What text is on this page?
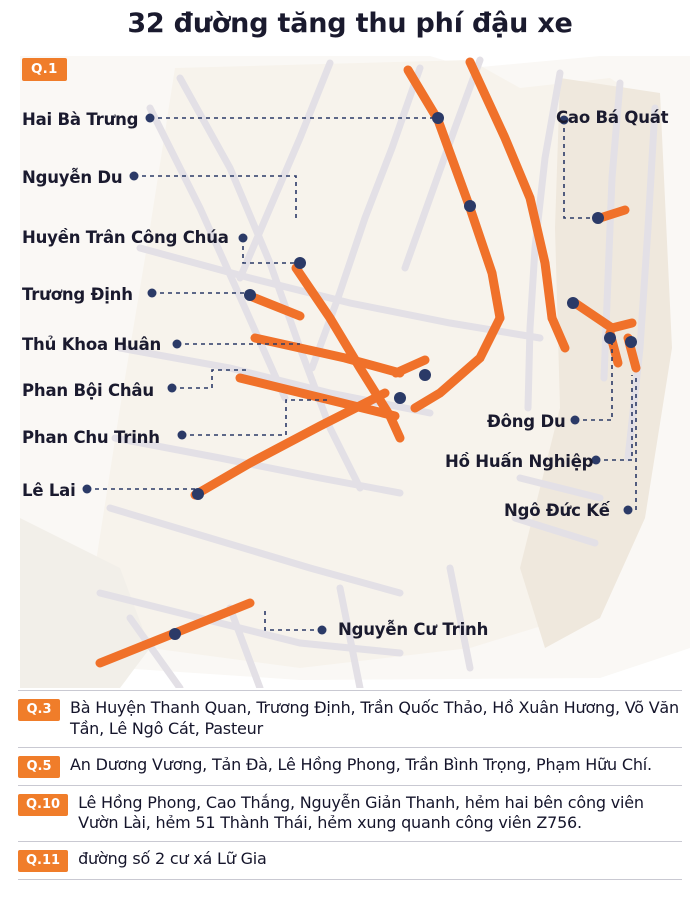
32 đường tăng thu phí đậu xe
Q.1
Hai Bà Trưng
Nguyễn Du
Huyền Trân Công Chúa
Trương Định
Thủ Khoa Huân
Phan Bội Châu
Phan Chu Trinh
Lê Lai
Cao Bá Quát
Đông Du
Hồ Huấn Nghiệp
Ngô Đức Kế
Nguyễn Cư Trinh
Q.3	Bà Huyện Thanh Quan, Trương Định, Trần Quốc Thảo, Hồ Xuân Hương, Võ Văn Tần, Lê Ngô Cát, Pasteur
Q.5	An Dương Vương, Tản Đà, Lê Hồng Phong, Trần Bình Trọng, Phạm Hữu Chí.
Q.10	Lê Hồng Phong, Cao Thắng, Nguyễn Giản Thanh, hẻm hai bên công viên Vườn Lài, hẻm 51 Thành Thái, hẻm xung quanh công viên Z756.
Q.11	đường số 2 cư xá Lữ Gia
